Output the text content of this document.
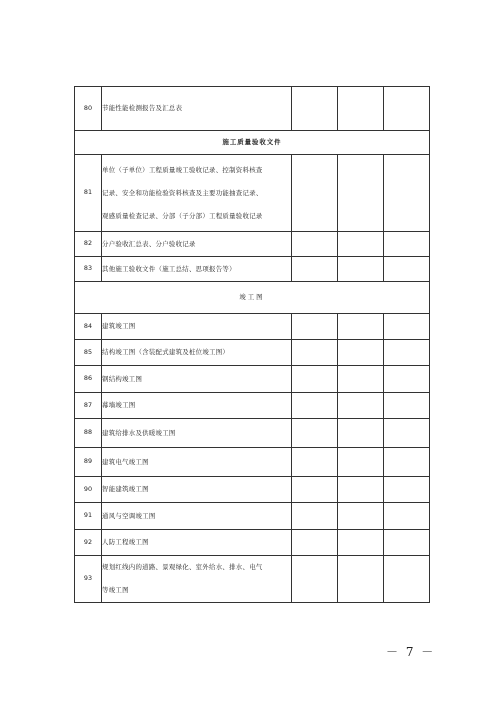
80	节能性能检测报告及汇总表			

施工质量验收文件				
81	单位（子单位）工程质量竣工验收记录、控制资料核查
记录、安全和功能检验资料核查及主要功能抽查记录、
观感质量检查记录、分部（子分部）工程质量验收记录			

82	分户验收汇总表、分户验收记录			

83	其他施工验收文件（施工总结、思项报告等）			

竣工图				
84	建筑竣工图			

85	结构竣工图（含装配式建筑及桩位竣工图）			

86	钢结构竣工图			

87	幕墙竣工图			

88	建筑给排水及供暖竣工图			

89	建筑电气竣工图			

90	智能建筑竣工图			

91	通风与空调竣工图			

92	人防工程竣工图			

93	规划红线内的道路、景观绿化、室外给水、排水、电气
等竣工图			

－ 7 －
